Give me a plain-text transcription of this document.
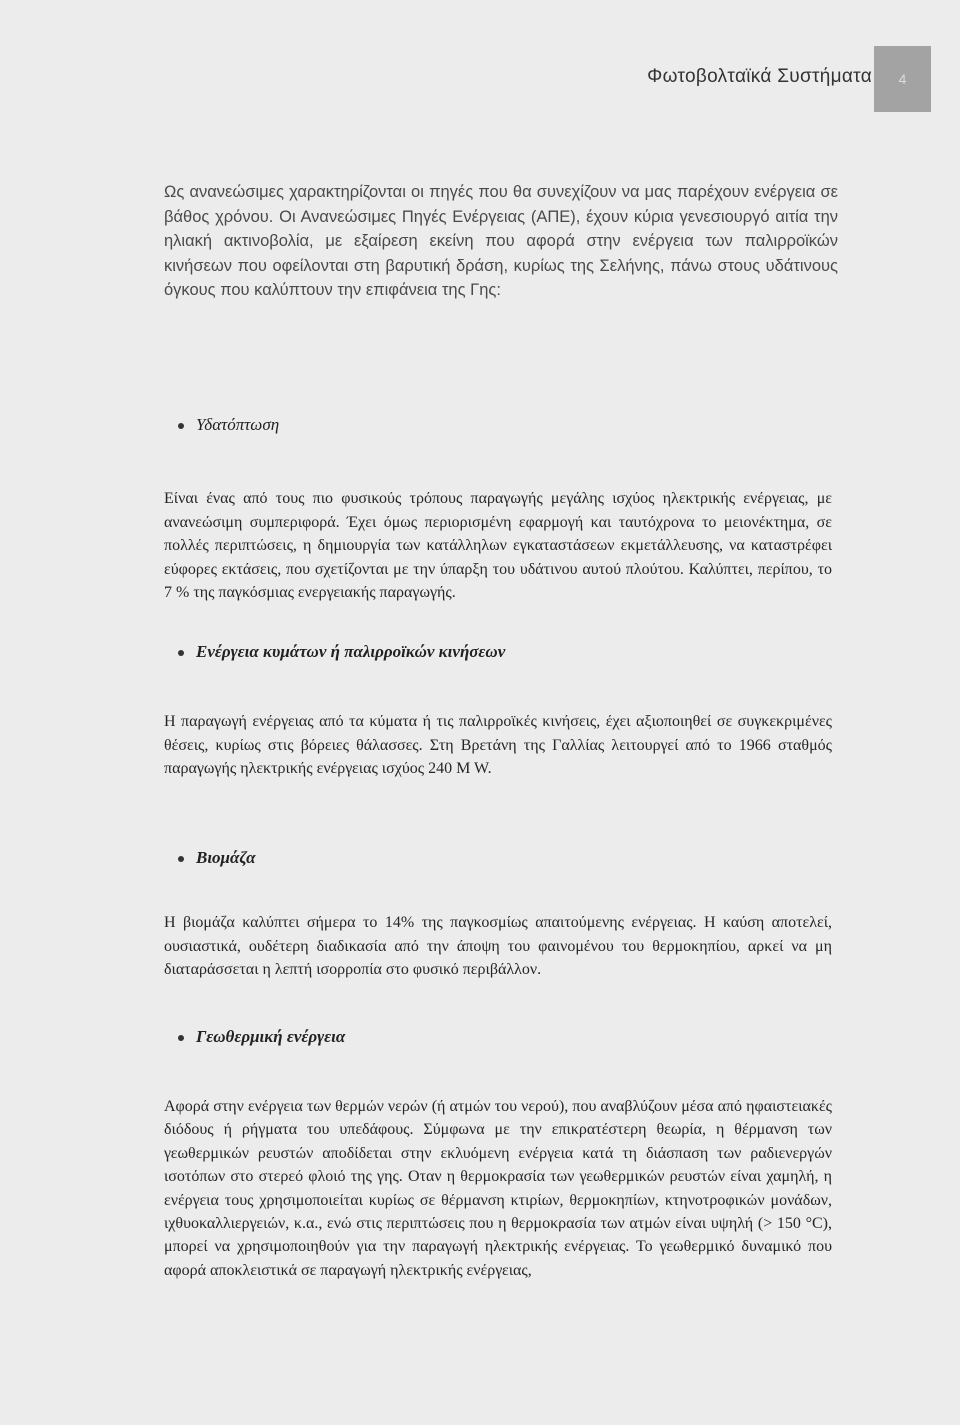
Φωτοβολταϊκά Συστήματα	4

Ως ανανεώσιμες χαρακτηρίζονται οι πηγές που θα συνεχίζουν να μας παρέχουν ενέργεια σε βάθος χρόνου. Οι Ανανεώσιμες Πηγές Ενέργειας (ΑΠΕ), έχουν κύρια γενεσιουργό αιτία την ηλιακή ακτινοβολία, με εξαίρεση εκείνη που αφορά στην ενέργεια των παλιρροϊκών κινήσεων που οφείλονται στη βαρυτική δράση, κυρίως της Σελήνης, πάνω στους υδάτινους όγκους που καλύπτουν την επιφάνεια της Γης:

Υδατόπτωση

Είναι ένας από τους πιο φυσικούς τρόπους παραγωγής μεγάλης ισχύος ηλεκτρικής ενέργειας, με ανανεώσιμη συμπεριφορά. Έχει όμως περιορισμένη εφαρμογή και ταυτόχρονα το μειονέκτημα, σε πολλές περιπτώσεις, η δημιουργία των κατάλληλων εγκαταστάσεων εκμετάλλευσης, να καταστρέφει εύφορες εκτάσεις, που σχετίζονται με την ύπαρξη του υδάτινου αυτού πλούτου. Καλύπτει, περίπου, το 7 % της παγκόσμιας ενεργειακής παραγωγής.

Ενέργεια κυμάτων ή παλιρροϊκών κινήσεων

Η παραγωγή ενέργειας από τα κύματα ή τις παλιρροϊκές κινήσεις, έχει αξιοποιηθεί σε συγκεκριμένες θέσεις, κυρίως στις βόρειες θάλασσες. Στη Βρετάνη της Γαλλίας λειτουργεί από το 1966 σταθμός παραγωγής ηλεκτρικής ενέργειας ισχύος 240 M W.

Βιομάζα

Η βιομάζα καλύπτει σήμερα το 14% της παγκοσμίως απαιτούμενης ενέργειας. Η καύση αποτελεί, ουσιαστικά, ουδέτερη διαδικασία από την άποψη του φαινομένου του θερμοκηπίου, αρκεί να μη διαταράσσεται η λεπτή ισορροπία στο φυσικό περιβάλλον.

Γεωθερμική ενέργεια

Αφορά στην ενέργεια των θερμών νερών (ή ατμών του νερού), που αναβλύζουν μέσα από ηφαιστειακές διόδους ή ρήγματα του υπεδάφους. Σύμφωνα με την επικρατέστερη θεωρία, η θέρμανση των γεωθερμικών ρευστών αποδίδεται στην εκλυόμενη ενέργεια κατά τη διάσπαση των ραδιενεργών ισοτόπων στο στερεό φλοιό της γης. Οταν η θερμοκρασία των γεωθερμικών ρευστών είναι χαμηλή, η ενέργεια τους χρησιμοποιείται κυρίως σε θέρμανση κτιρίων, θερμοκηπίων, κτηνοτροφικών μονάδων, ιχθυοκαλλιεργειών, κ.α., ενώ στις περιπτώσεις που η θερμοκρασία των ατμών είναι υψηλή (> 150 °C), μπορεί να χρησιμοποιηθούν για την παραγωγή ηλεκτρικής ενέργειας. Το γεωθερμικό δυναμικό που αφορά αποκλειστικά σε παραγωγή ηλεκτρικής ενέργειας,
